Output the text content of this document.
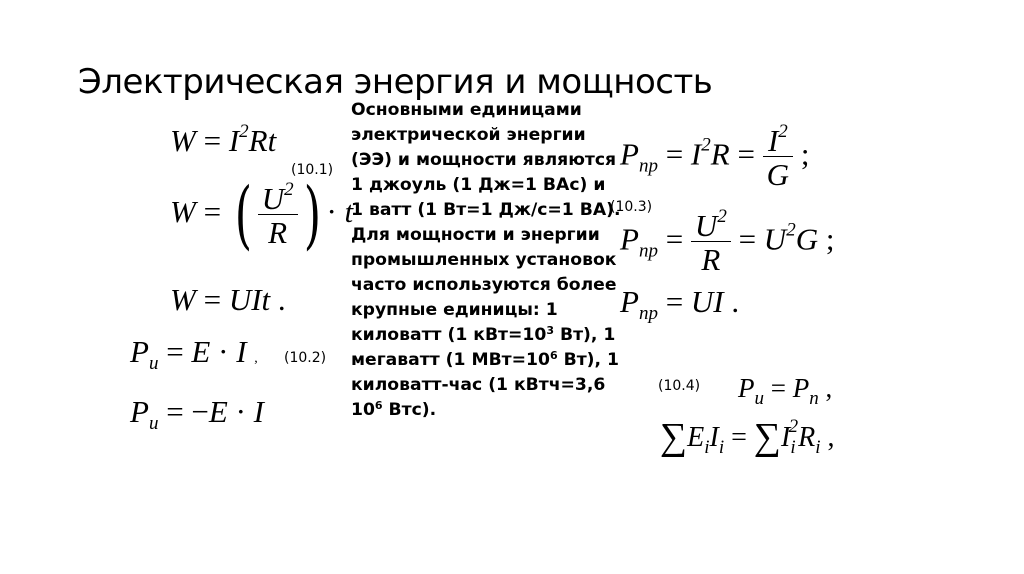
Электрическая энергия и мощность
$W = I^2Rt$
(10.1)
W = ( $\frac{U^2}{R}$ ) · t
W = UIt .
$P_u = E \cdot I$ , (10.2)
$P_u = -E \cdot I$
Основными единицами электрической энергии (ЭЭ) и мощности являются 1 джоуль (1 Дж=1 ВАс) и 1 ватт (1 Вт=1 Дж/с=1 ВА). Для мощности и энергии промышленных установок часто используются более крупные единицы: 1 киловатт (1 $кВт=10^3$ Вт), 1 мегаватт (1 $МВт=10^6$ Вт), 1 киловатт-час (1 кВтч=3,6 $10^6$ Втс).
$P_{пр} = I^2R = \frac{I^2}{G}$ ;
(10.3)
$P_{пр} = \frac{U^2}{R} = U^2G$ ;
$P_{пр}$ = UI .
(10.4) $P_u = P_n$ ,
$\sum E_iI_i = \sum I_i^2R_i$ ,
